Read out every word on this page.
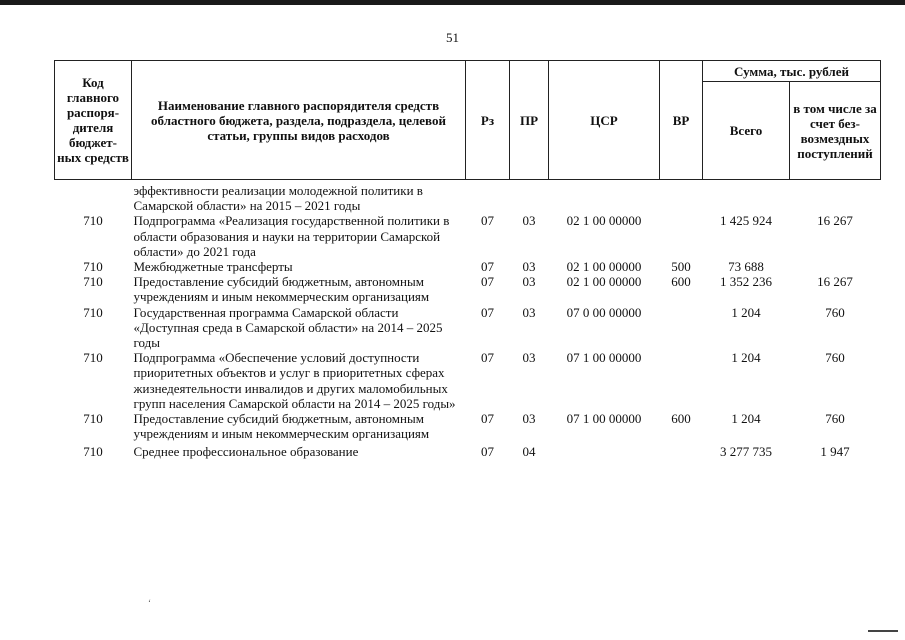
51
Код главного распоря-дителя бюджет-ных средств	Наименование главного распорядителя средств областного бюджета, раздела, подраздела, целевой статьи, группы видов расходов	Рз	ПР	ЦСР	ВР	Сумма, тыс. рублей	
						Всего	в том числе за счет без-возмездных поступлений
	эффективности реализации молодежной политики в Самарской области» на 2015 – 2021 годы						
710	Подпрограмма «Реализация государственной политики в области образования и науки на территории Самарской области» до 2021 года	07	03	02 1 00 00000		1 425 924	16 267
710	Межбюджетные трансферты	07	03	02 1 00 00000	500	73 688	
710	Предоставление субсидий бюджетным, автономным учреждениям и иным некоммерческим организациям	07	03	02 1 00 00000	600	1 352 236	16 267
710	Государственная программа Самарской области «Доступная среда в Самарской области» на 2014 – 2025 годы	07	03	07 0 00 00000		1 204	760
710	Подпрограмма «Обеспечение условий доступности приоритетных объектов и услуг в приоритетных сферах жизнедеятельности инвалидов и других маломобильных групп населения Самарской области на 2014 – 2025 годы»	07	03	07 1 00 00000		1 204	760
710	Предоставление субсидий бюджетным, автономным учреждениям и иным некоммерческим организациям	07	03	07 1 00 00000	600	1 204	760
710	Среднее профессиональное образование	07	04			3 277 735	1 947
‘
